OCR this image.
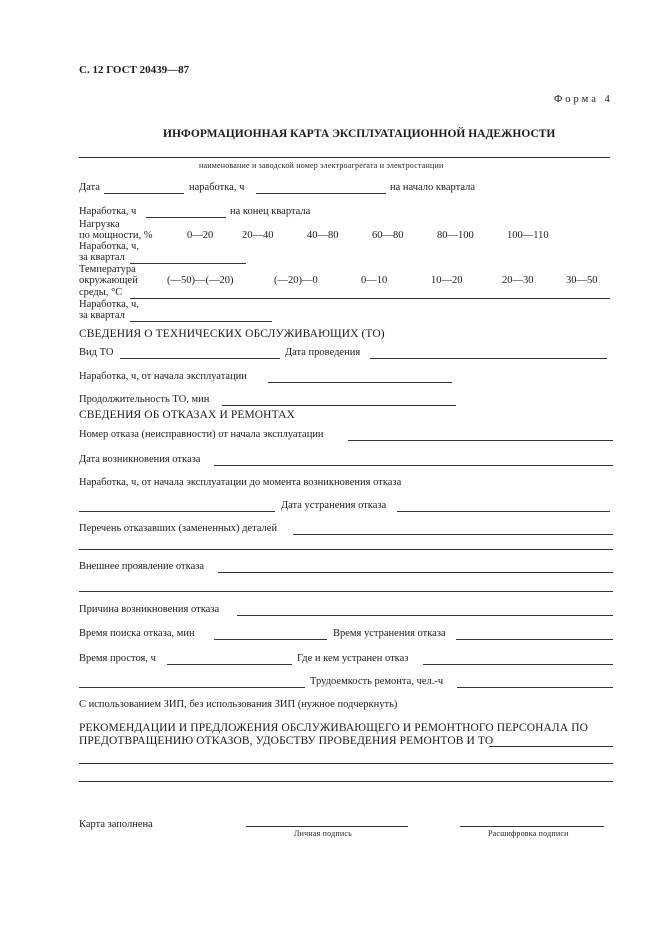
С. 12 ГОСТ 20439—87
Форма 4
ИНФОРМАЦИОННАЯ КАРТА ЭКСПЛУАТАЦИОННОЙ НАДЕЖНОСТИ
наименование и заводской номер электроагрегата и электростанции
Дата	наработка, ч	на начало квартала
Наработка, ч	на конец квартала
Нагрузка
по мощности, %	0—20	20—40	40—80	60—80	80—100	100—110
Наработка, ч,
за квартал
Температура
окружающей
среды, °С
(—50)—(—20)	(—20)—0	0—10	10—20	20—30	30—50
Наработка, ч,
за квартал
СВЕДЕНИЯ О ТЕХНИЧЕСКИХ ОБСЛУЖИВАЮЩИХ (ТО)
Вид ТО	Дата проведения
Наработка, ч, от начала эксплуатации
Продолжительность ТО, мин
СВЕДЕНИЯ ОБ ОТКАЗАХ И РЕМОНТАХ
Номер отказа (неисправности) от начала эксплуатации
Дата возникновения отказа
Наработка, ч, от начала эксплуатации до момента возникновения отказа
Дата устранения отказа
Перечень отказавших (замененных) деталей
Внешнее проявление отказа
Причина возникновения отказа
Время поиска отказа, мин	Время устранения отказа
Время простоя, ч	Где и кем устранен отказ
Трудоемкость ремонта, чел.-ч
С использованием ЗИП, без использования ЗИП (нужное подчеркнуть)
РЕКОМЕНДАЦИИ И ПРЕДЛОЖЕНИЯ ОБСЛУЖИВАЮЩЕГО И РЕМОНТНОГО ПЕРСОНАЛА ПО
ПРЕДОТВРАЩЕНИЮ ОТКАЗОВ, УДОБСТВУ ПРОВЕДЕНИЯ РЕМОНТОВ И ТО
Карта заполнена
Личная подпись	Расшифровка подписи
